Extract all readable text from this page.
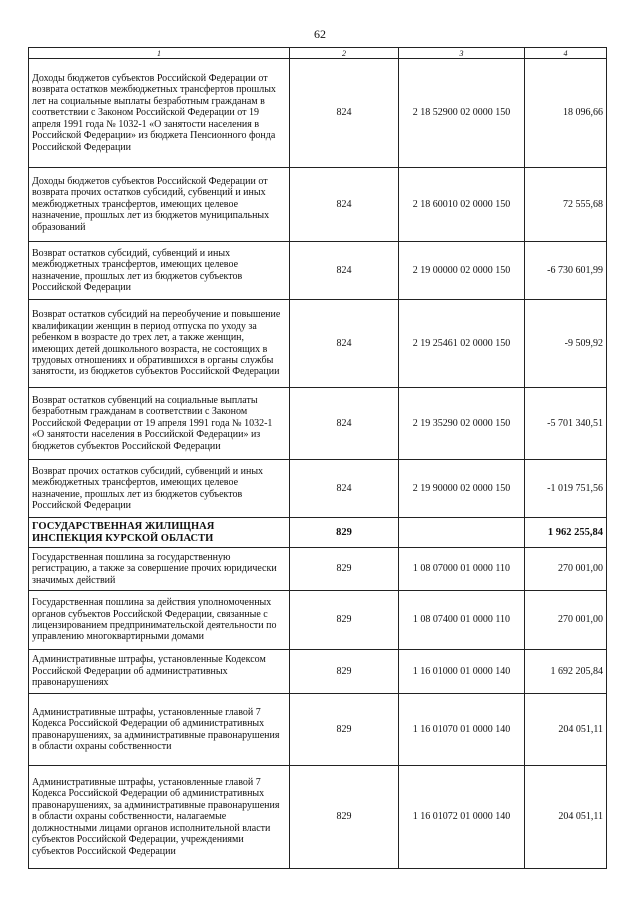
62
1	2	3	4
Доходы бюджетов субъектов Российской Федерации от возврата остатков межбюджетных трансфертов прошлых лет на социальные выплаты безработным гражданам в соответствии с Законом Российской Федерации от 19 апреля 1991 года № 1032-1 «О занятости населения в Российской Федерации» из бюджета Пенсионного фонда Российской Федерации	824	2 18 52900 02 0000 150	18 096,66
Доходы бюджетов субъектов Российской Федерации от возврата прочих остатков субсидий, субвенций и иных межбюджетных трансфертов, имеющих целевое назначение, прошлых лет из бюджетов муниципальных образований	824	2 18 60010 02 0000 150	72 555,68
Возврат остатков субсидий, субвенций и иных межбюджетных трансфертов, имеющих целевое назначение, прошлых лет из бюджетов субъектов Российской Федерации	824	2 19 00000 02 0000 150	-6 730 601,99
Возврат остатков субсидий на переобучение и повышение квалификации женщин в период отпуска по уходу за ребенком в возрасте до трех лет, а также женщин, имеющих детей дошкольного возраста, не состоящих в трудовых отношениях и обратившихся в органы службы занятости, из бюджетов субъектов Российской Федерации	824	2 19 25461 02 0000 150	-9 509,92
Возврат остатков субвенций на социальные выплаты безработным гражданам в соответствии с Законом Российской Федерации от 19 апреля 1991 года № 1032-1 «О занятости населения в Российской Федерации» из бюджетов субъектов Российской Федерации	824	2 19 35290 02 0000 150	-5 701 340,51
Возврат прочих остатков субсидий, субвенций и иных межбюджетных трансфертов, имеющих целевое назначение, прошлых лет из бюджетов субъектов Российской Федерации	824	2 19 90000 02 0000 150	-1 019 751,56
ГОСУДАРСТВЕННАЯ ЖИЛИЩНАЯ ИНСПЕКЦИЯ КУРСКОЙ ОБЛАСТИ	829		1 962 255,84
Государственная пошлина за государственную регистрацию, а также за совершение прочих юридически значимых действий	829	1 08 07000 01 0000 110	270 001,00
Государственная пошлина за действия уполномоченных органов субъектов Российской Федерации, связанные с лицензированием предпринимательской деятельности по управлению многоквартирными домами	829	1 08 07400 01 0000 110	270 001,00
Административные штрафы, установленные Кодексом Российской Федерации об административных правонарушениях	829	1 16 01000 01 0000 140	1 692 205,84
Административные штрафы, установленные главой 7 Кодекса Российской Федерации об административных правонарушениях, за административные правонарушения в области охраны собственности	829	1 16 01070 01 0000 140	204 051,11
Административные штрафы, установленные главой 7 Кодекса Российской Федерации об административных правонарушениях, за административные правонарушения в области охраны собственности, налагаемые должностными лицами органов исполнительной власти субъектов Российской Федерации, учреждениями субъектов Российской Федерации	829	1 16 01072 01 0000 140	204 051,11
